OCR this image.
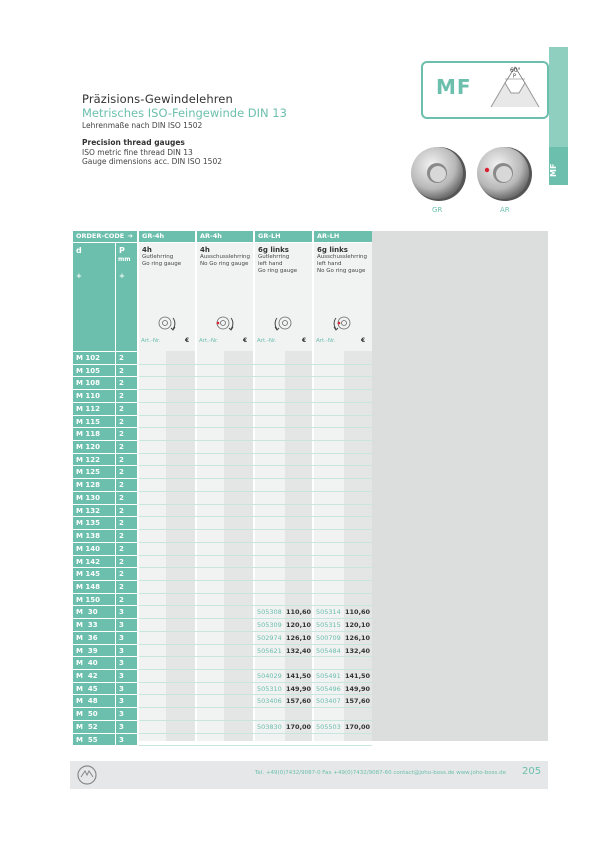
Präzisions-Gewindelehren
Metrisches ISO-Feingewinde DIN 13
Lehrenmaße nach DIN ISO 1502
Precision thread gauges
ISO metric fine thread DIN 13
Gauge dimensions acc. DIN ISO 1502
MF
60°
P
MF
GR	AR
ORDER-CODE ➔	GR-4h	AR-4h	GR-LH	AR-LH
d	P
mm
+	+
4h
Gutlehrring
Go ring gauge
4h
Ausschusslehrring
No Go ring gauge
6g links
Gutlehrring
left hand
Go ring gauge
6g links
Ausschusslehrring
left hand
No Go ring gauge
Art.-Nr.	€ Art.-Nr.	€ Art.-Nr.	€ Art.-Nr.	€
M 102	2
M 105	2
M 108	2
M 110	2
M 112	2
M 115	2
M 118	2
M 120	2
M 122	2
M 125	2
M 128	2
M 130	2
M 132	2
M 135	2
M 138	2
M 140	2
M 142	2
M 145	2
M 148	2
M 150	2
M  30	3	505308 110,60 505314 110,60
M  33	3	505309 120,10 505315 120,10
M  36	3	502974 126,10 500709 126,10
M  39	3	505621 132,40 505484 132,40
M  40	3
M  42	3	504029 141,50 505491 141,50
M  45	3	505310 149,90 505496 149,90
M  48	3	503406 157,60 503407 157,60
M  50	3
M  52	3	503830 170,00 505503 170,00
M  55	3
Tel. +49(0)7432/9087-0 Fax +49(0)7432/9087-60 contact@joho-boss.de www.joho-boss.de 205
